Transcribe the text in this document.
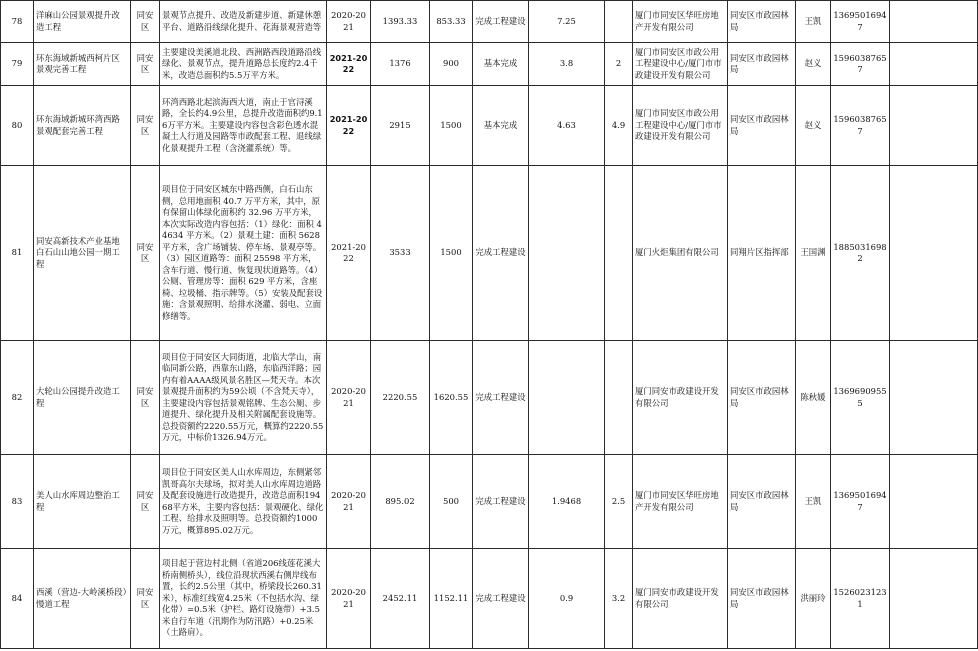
78	洋麻山公园景观提升改造工程	同安区	景观节点提升、改造及新建步道、新建休憩平台、道路沿线绿化提升、花海景观营造等	2020-2021	1393.33	853.33	完成工程建设	7.25		厦门市同安区华旺房地产开发有限公司	同安区市政园林局	王凯	13695016947	
79	环东海域新城西柯片区景观完善工程	同安区	主要建设美溪道北段、西洲路西段道路沿线绿化、景观节点，提升道路总长度约2.4千米，改造总面积约5.5万平方米。	2021-2022	1376	900	基本完成	3.8	2	厦门市同安区市政公用工程建设中心/厦门市市政建设开发有限公司	同安区市政园林局	赵义	15960387657	
80	环东海域新城环湾西路景观配套完善工程	同安区	环湾西路北起滨海西大道，南止于官浔溪路，全长约4.9公里，总提升改造面积约9.16万平方米。主要建设内容包含彩色透水混凝土人行道及园路等市政配套工程、退线绿化景观提升工程（含浇灌系统）等。	2021-2022	2915	1500	基本完成	4.63	4.9	厦门市同安区市政公用工程建设中心/厦门市市政建设开发有限公司	同安区市政园林局	赵义	15960387657	
81	同安高新技术产业基地白石山山地公园一期工程	同安区	项目位于同安区城东中路西侧，白石山东侧，总用地面积 40.7 万平方米，其中，原有保留山体绿化面积约 32.96 万平方米，本次实际改造内容包括：（1）绿化：面积 44634 平方米。（2）景观土建：面积 5628平方米，含广场铺装、停车场、景观亭等。（3）园区道路等：面积 25598 平方米，含车行道、慢行道、恢复现状道路等。（4）公厕、管理房等：面积 629 平方米，含座椅、垃圾桶、指示牌等。（5）安装及配套设施：含景观照明、给排水浇灌、弱电、立面修缮等。	2021-2022	3533	1500	完成工程建设			厦门火炬集团有限公司	同翔片区指挥部	王国渊	18850316982	
82	大轮山公园提升改造工程	同安区	项目位于同安区大同街道，北临大学山，南临同新公路，西靠东山路，东临西洋路；园内有着AAAA级风景名胜区—梵天寺。本次景观提升面积约为59公顷（不含梵天寺），主要建设内容包括景观铭牌、生态公厕、步道提升、绿化提升及相关附属配套设施等。总投资额约2220.55万元，概算约2220.55万元，中标价1326.94万元。	2020-2021	2220.55	1620.55	完成工程建设			厦门同安市政建设开发有限公司	同安区市政园林局	陈秋媛	13696909555	
83	美人山水库周边整治工程	同安区	项目位于同安区美人山水库周边，东侧紧邻凯哥高尔夫球场，拟对美人山水库周边道路及配套设施进行改造提升，改造总面积19468平方米，主要内容包括：景观硬化、绿化工程、给排水及照明等。总投资额约1000万元，概算895.02万元。	2020-2021	895.02	500	完成工程建设	1.9468	2.5	厦门市同安区华旺房地产开发有限公司	同安区市政园林局	王凯	13695016947	
84	西溪（营边-大岭溪桥段）慢道工程	同安区	项目起于营边村北侧（省道206线莲花溪大桥南侧桥头），线位沿现状西溪右侧岸线布置，长约2.5公里（其中，桥梁段长260.31米），标准红线宽4.25米（不包括水沟、绿化带）=0.5米（护栏、路灯设施带）+3.5米自行车道（汛期作为防汛路）+0.25米（土路肩）。	2020-2021	2452.11	1152.11	完成工程建设	0.9	3.2	厦门同安市政建设开发有限公司	同安区市政园林局	洪丽玲	15260231231	
